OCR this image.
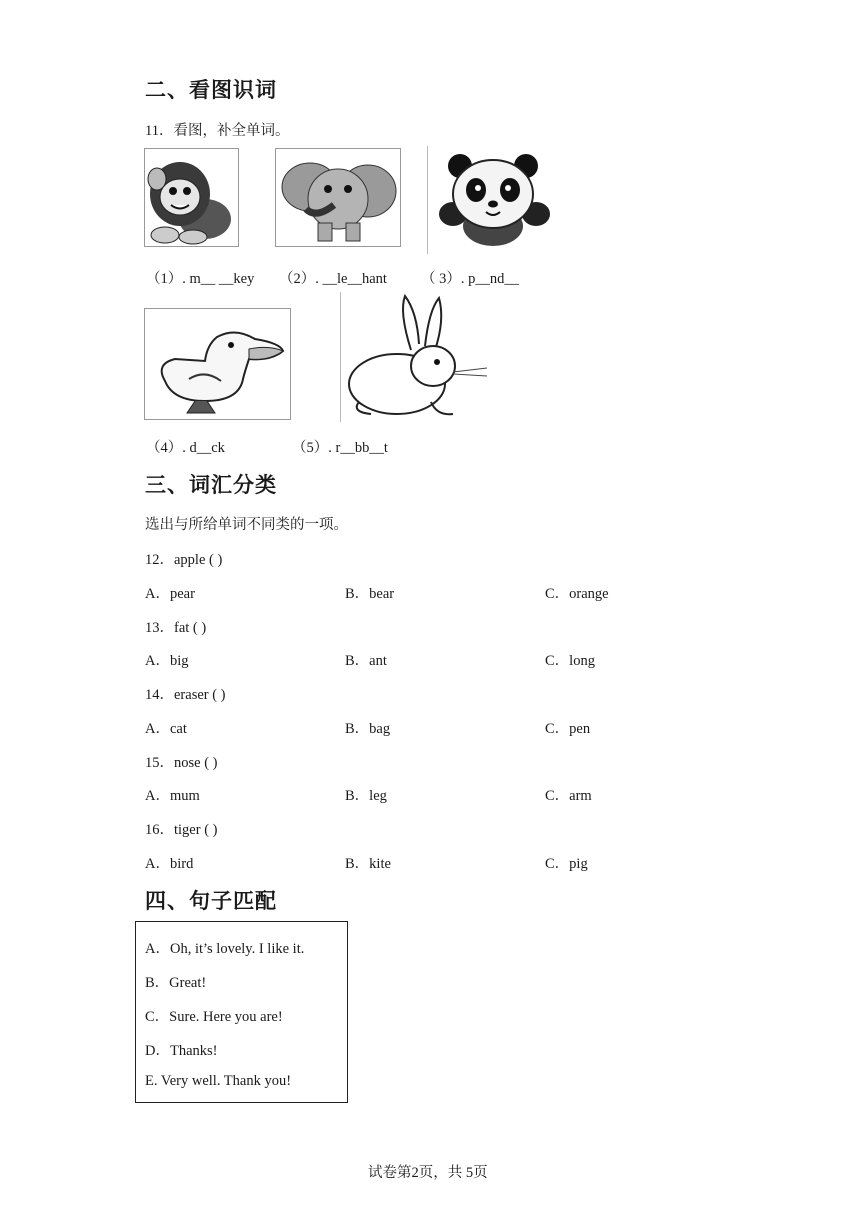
二、看图识词
11．看图，补全单词。
（1）. m__ __key （2）. __le__hant （ 3）. p__nd__
（4）. d__ck	（5）. r__bb__t
三、词汇分类
选出与所给单词不同类的一项。
12．apple ( )
A．pear	B．bear	C．orange
13．fat ( )
A．big	B．ant	C．long
14．eraser ( )
A．cat	B．bag	C．pen
15．nose ( )
A．mum	B．leg	C．arm
16．tiger ( )
A．bird	B．kite	C．pig
四、句子匹配
A．Oh, it’s lovely. I like it.
B．Great!
C．Sure. Here you are!
D．Thanks!
E. Very well. Thank you!
试卷第2页，共 5页
